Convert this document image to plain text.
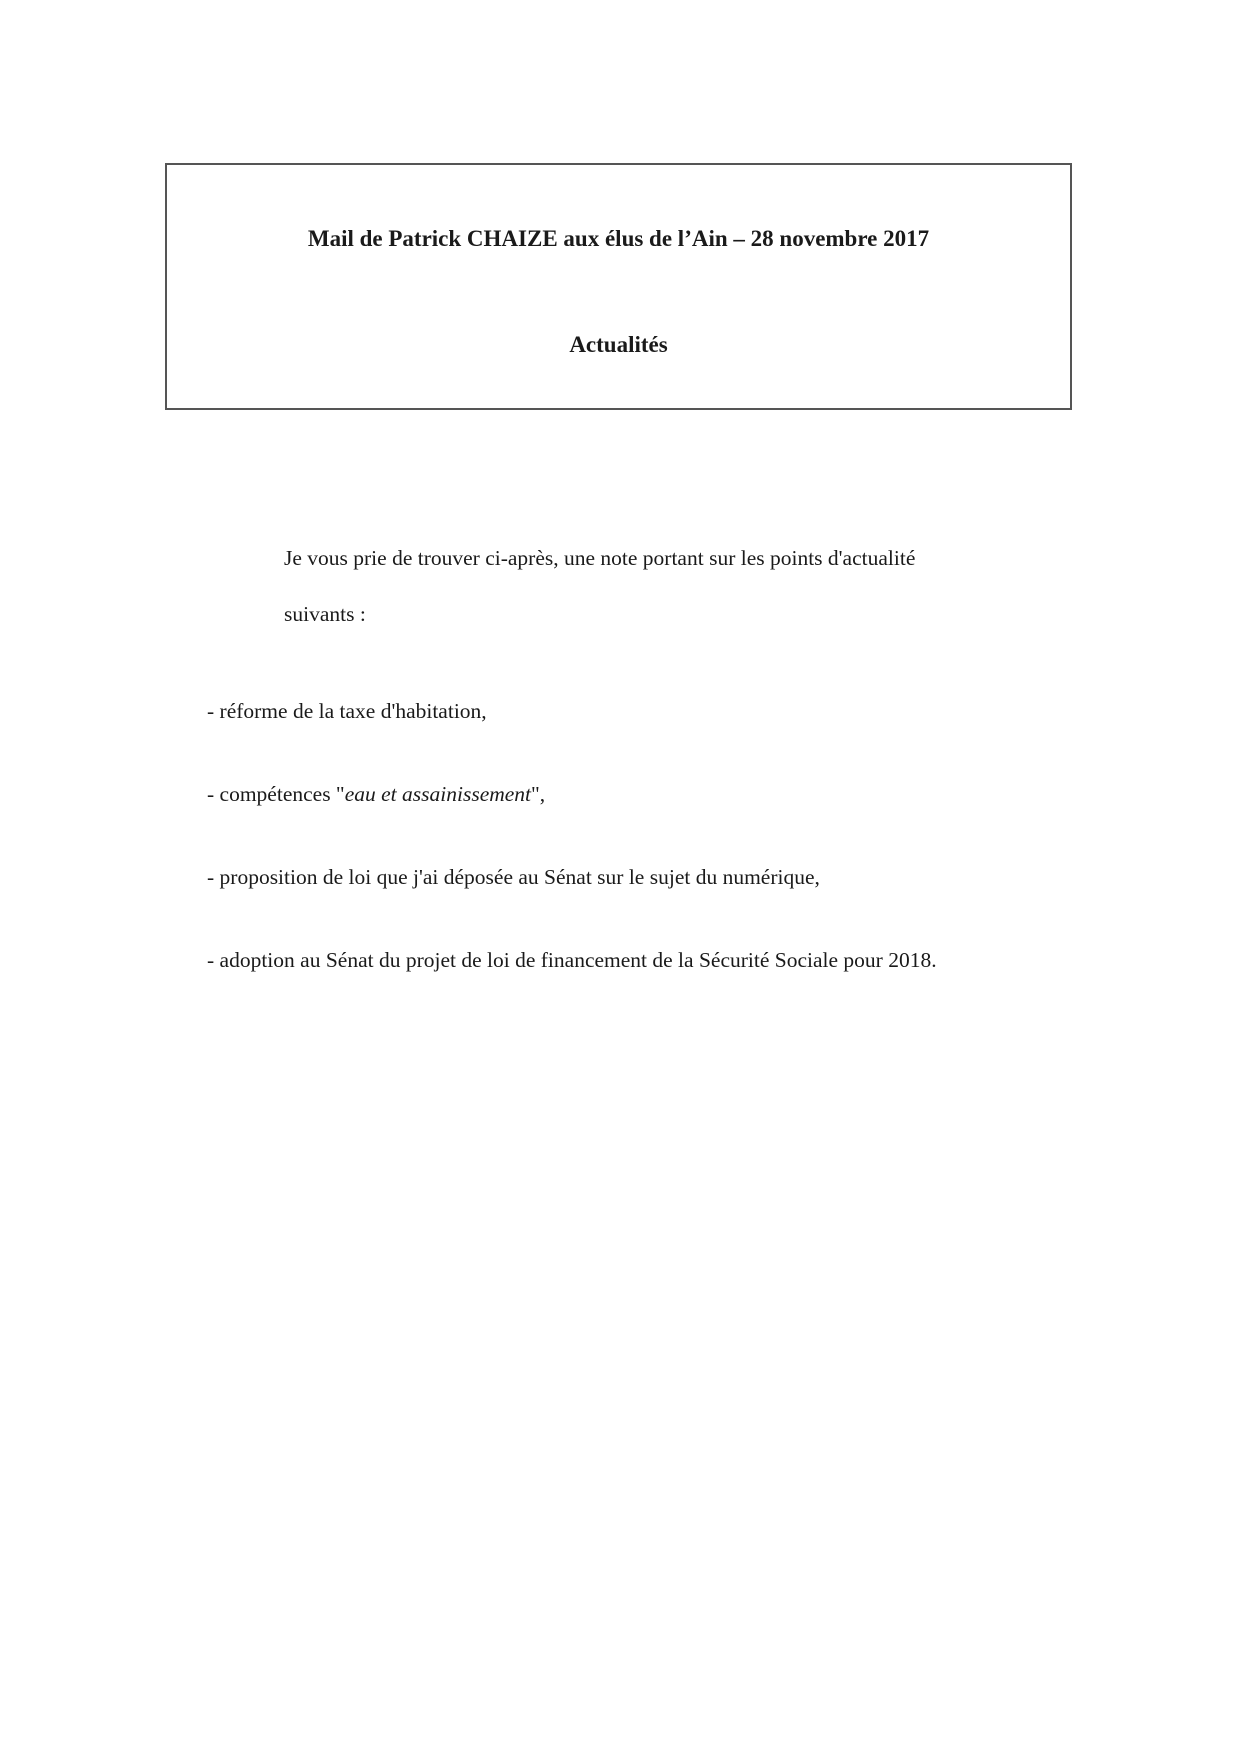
Mail de Patrick CHAIZE aux élus de l’Ain – 28 novembre 2017
Actualités

Je vous prie de trouver ci-après, une note portant sur les points d'actualité
suivants :

- réforme de la taxe d'habitation,
- compétences "eau et assainissement",
- proposition de loi que j'ai déposée au Sénat sur le sujet du numérique,
- adoption au Sénat du projet de loi de financement de la Sécurité Sociale pour 2018.
